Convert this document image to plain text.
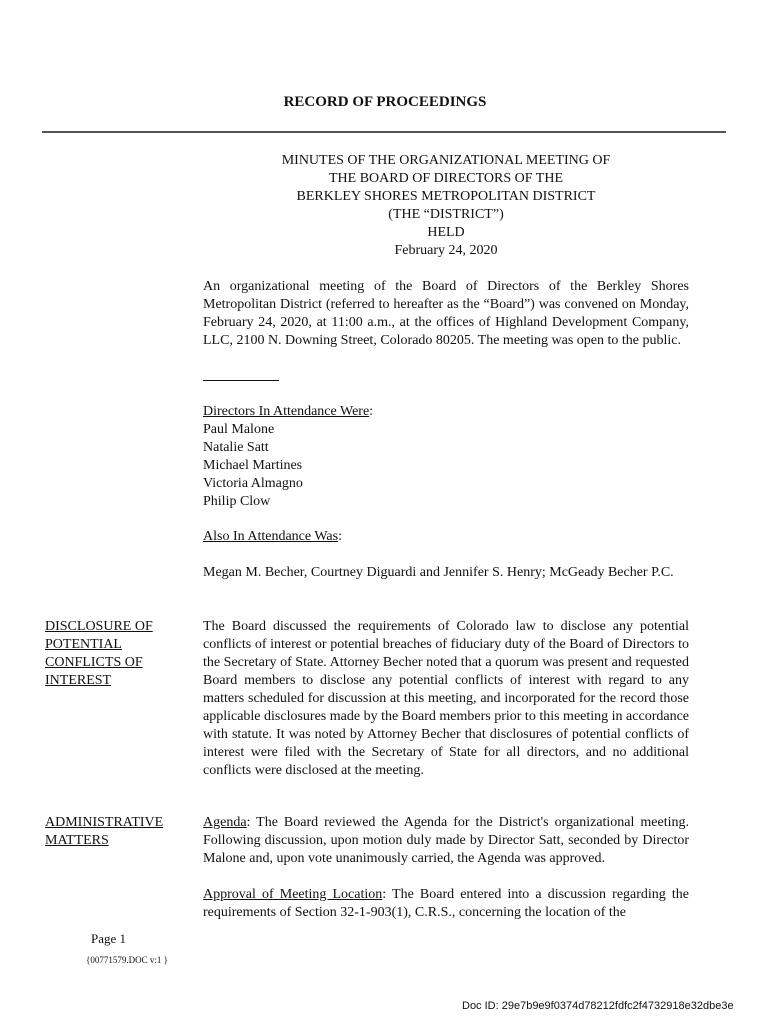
RECORD OF PROCEEDINGS
MINUTES OF THE ORGANIZATIONAL MEETING OF
THE BOARD OF DIRECTORS OF THE
BERKLEY SHORES METROPOLITAN DISTRICT
(THE “DISTRICT”)
HELD
February 24, 2020
An organizational meeting of the Board of Directors of the Berkley Shores Metropolitan District (referred to hereafter as the “Board”) was convened on Monday, February 24, 2020, at 11:00 a.m., at the offices of Highland Development Company, LLC, 2100 N. Downing Street, Colorado 80205. The meeting was open to the public.
Directors In Attendance Were:
Paul Malone
Natalie Satt
Michael Martines
Victoria Almagno
Philip Clow
Also In Attendance Was:
Megan M. Becher, Courtney Diguardi and Jennifer S. Henry; McGeady Becher P.C.
DISCLOSURE OF
POTENTIAL
CONFLICTS OF
INTEREST
The Board discussed the requirements of Colorado law to disclose any potential conflicts of interest or potential breaches of fiduciary duty of the Board of Directors to the Secretary of State. Attorney Becher noted that a quorum was present and requested Board members to disclose any potential conflicts of interest with regard to any matters scheduled for discussion at this meeting, and incorporated for the record those applicable disclosures made by the Board members prior to this meeting in accordance with statute. It was noted by Attorney Becher that disclosures of potential conflicts of interest were filed with the Secretary of State for all directors, and no additional conflicts were disclosed at the meeting.
ADMINISTRATIVE
MATTERS
Agenda: The Board reviewed the Agenda for the District's organizational meeting. Following discussion, upon motion duly made by Director Satt, seconded by Director Malone and, upon vote unanimously carried, the Agenda was approved.
Approval of Meeting Location: The Board entered into a discussion regarding the requirements of Section 32-1-903(1), C.R.S., concerning the location of the
Page 1
{00771579.DOC v:1 }
Doc ID: 29e7b9e9f0374d78212fdfc2f4732918e32dbe3e
